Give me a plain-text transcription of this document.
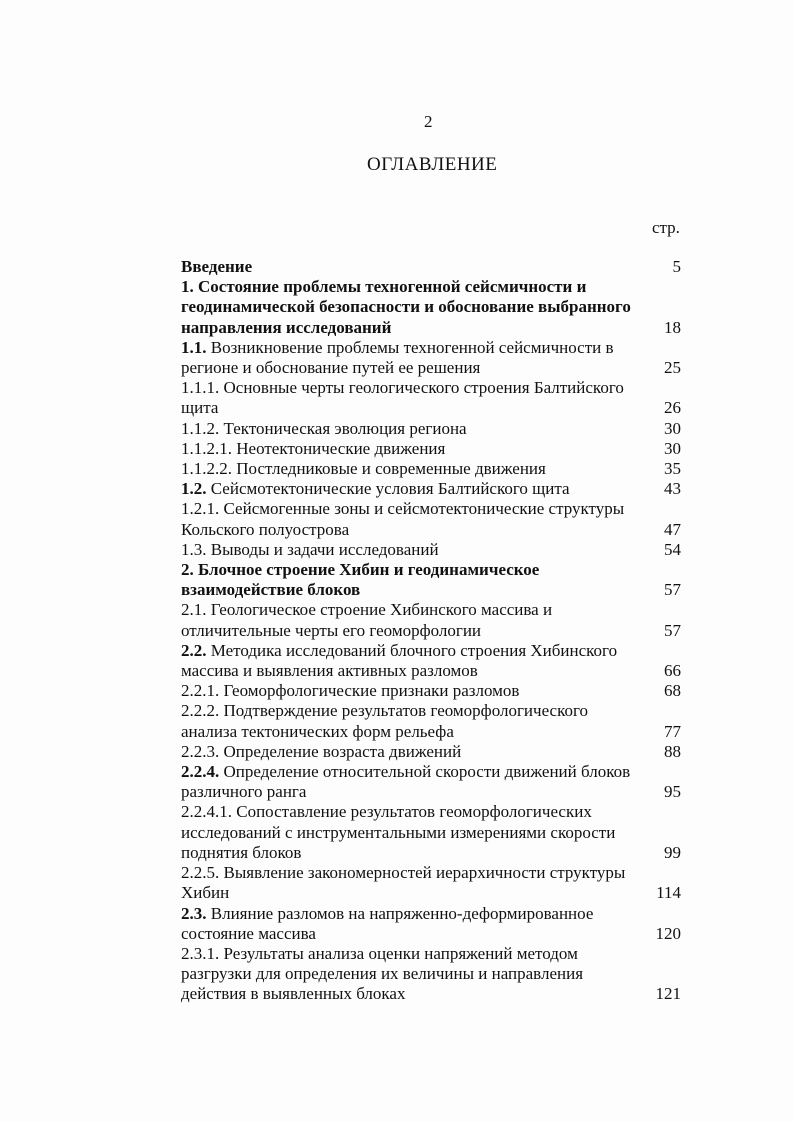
2
ОГЛАВЛЕНИЕ
стр.
Введение	5
1. Состояние проблемы техногенной сейсмичности и геодинамической безопасности и обоснование выбранного направления исследований	18
1.1. Возникновение проблемы техногенной сейсмичности в регионе и обоснование путей ее решения	25
1.1.1. Основные черты геологического строения Балтийского щита	26
1.1.2. Тектоническая эволюция региона	30
1.1.2.1. Неотектонические движения	30
1.1.2.2. Постледниковые и современные движения	35
1.2. Сейсмотектонические условия Балтийского щита	43
1.2.1. Сейсмогенные зоны и сейсмотектонические структуры Кольского полуострова	47
1.3. Выводы и задачи исследований	54
2. Блочное строение Хибин и геодинамическое взаимодействие блоков	57
2.1. Геологическое строение Хибинского массива и отличительные черты его геоморфологии	57
2.2. Методика исследований блочного строения Хибинского массива и выявления активных разломов	66
2.2.1. Геоморфологические признаки разломов	68
2.2.2. Подтверждение результатов геоморфологического анализа тектонических форм рельефа	77
2.2.3. Определение возраста движений	88
2.2.4. Определение относительной скорости движений блоков различного ранга	95
2.2.4.1. Сопоставление результатов геоморфологических исследований с инструментальными измерениями скорости поднятия блоков	99
2.2.5. Выявление закономерностей иерархичности структуры Хибин	114
2.3. Влияние разломов на напряженно-деформированное состояние массива	120
2.3.1. Результаты анализа оценки напряжений методом разгрузки для определения их величины и направления действия в выявленных блоках	121
